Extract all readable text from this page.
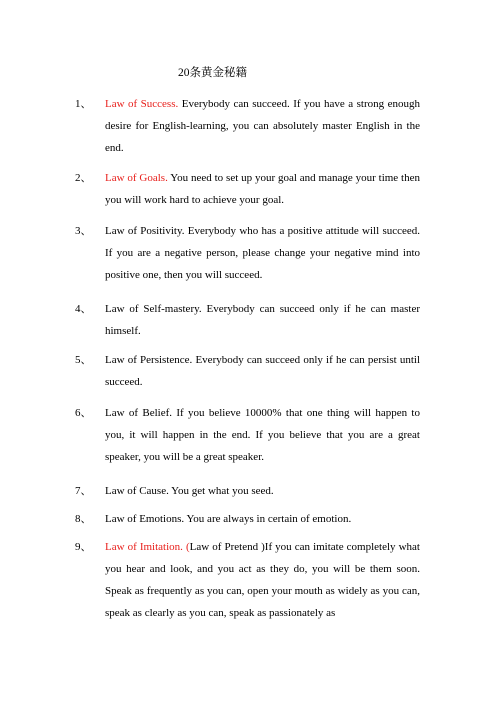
20条黄金秘籍
1、 Law of Success. Everybody can succeed. If you have a strong enough desire for English-learning, you can absolutely master English in the end.
2、 Law of Goals. You need to set up your goal and manage your time then you will work hard to achieve your goal.
3、 Law of Positivity. Everybody who has a positive attitude will succeed. If you are a negative person, please change your negative mind into positive one, then you will succeed.
4、 Law of Self-mastery. Everybody can succeed only if he can master himself.
5、 Law of Persistence. Everybody can succeed only if he can persist until succeed.
6、 Law of Belief. If you believe 10000% that one thing will happen to you, it will happen in the end. If you believe that you are a great speaker, you will be a great speaker.
7、 Law of Cause. You get what you seed.
8、 Law of Emotions. You are always in certain of emotion.
9、 Law of Imitation. (Law of Pretend )If you can imitate completely what you hear and look, and you act as they do, you will be them soon. Speak as frequently as you can, open your mouth as widely as you can, speak as clearly as you can, speak as passionately as
